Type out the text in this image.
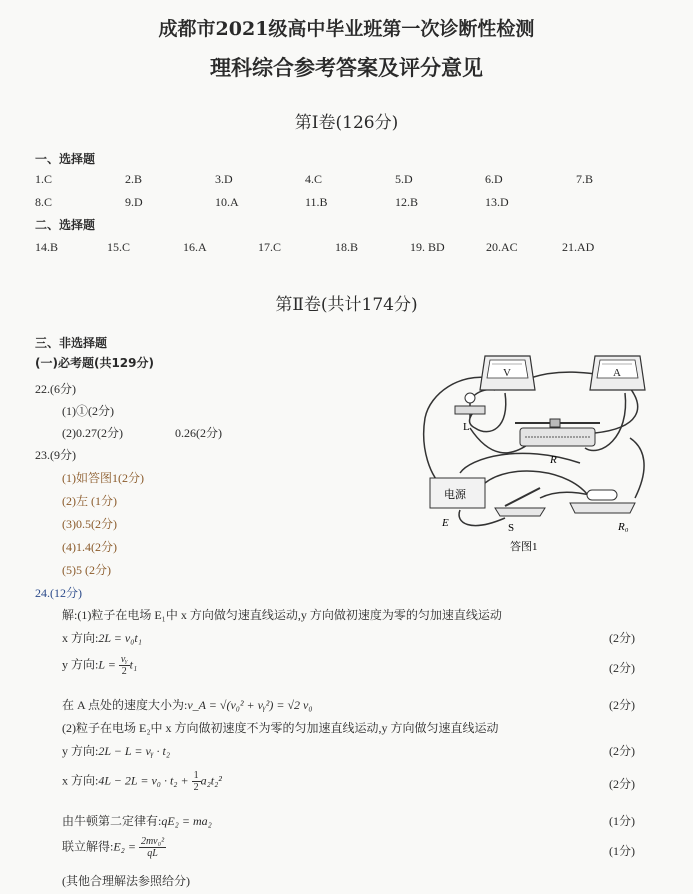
成都市2021级高中毕业班第一次诊断性检测
理科综合参考答案及评分意见
第Ⅰ卷(126分)
一、选择题
1.C	2.B	3.D	4.C	5.D	6.D	7.B
8.C	9.D	10.A	11.B	12.B	13.D
二、选择题
14.B	15.C	16.A	17.C	18.B	19. BD	20.AC	21.AD
第Ⅱ卷(共计174分)
三、非选择题
(一)必考题(共129分)
22.(6分)
(1)①(2分)
(2)0.27(2分)	0.26(2分)
23.(9分)
(1)如答图1(2分)
(2)左 (1分)
(3)0.5(2分)
(4)1.4(2分)
(5)5 (2分)
V	A
L
R
电源
E	S	R₀
答图1
24.(12分)
解:(1)粒子在电场 E₁中 x 方向做匀速直线运动,y 方向做初速度为零的匀加速直线运动
x 方向:2L = v₀t₁	(2分)
y 方向:L = $\frac{\text{vᵧ}}{2} t_1$	(2分)
在 A 点处的速度大小为:v_A = √(v₀² + vᵧ²) = √2 v₀	(2分)
(2)粒子在电场 E₂中 x 方向做初速度不为零的匀加速直线运动,y 方向做匀速直线运动
y 方向:2L − L = vᵧ · t₂	(2分)
x 方向:4L − $2L = v_0 \cdot t_2 + \frac{1}{2} a_2t_2^2$	(2分)
由牛顿第二定律有:qE₂ = ma₂	(1分)
联立解得:E₂ = $\frac{\text{2mv₀²}}{qL}$	(1分)
(其他合理解法参照给分)
